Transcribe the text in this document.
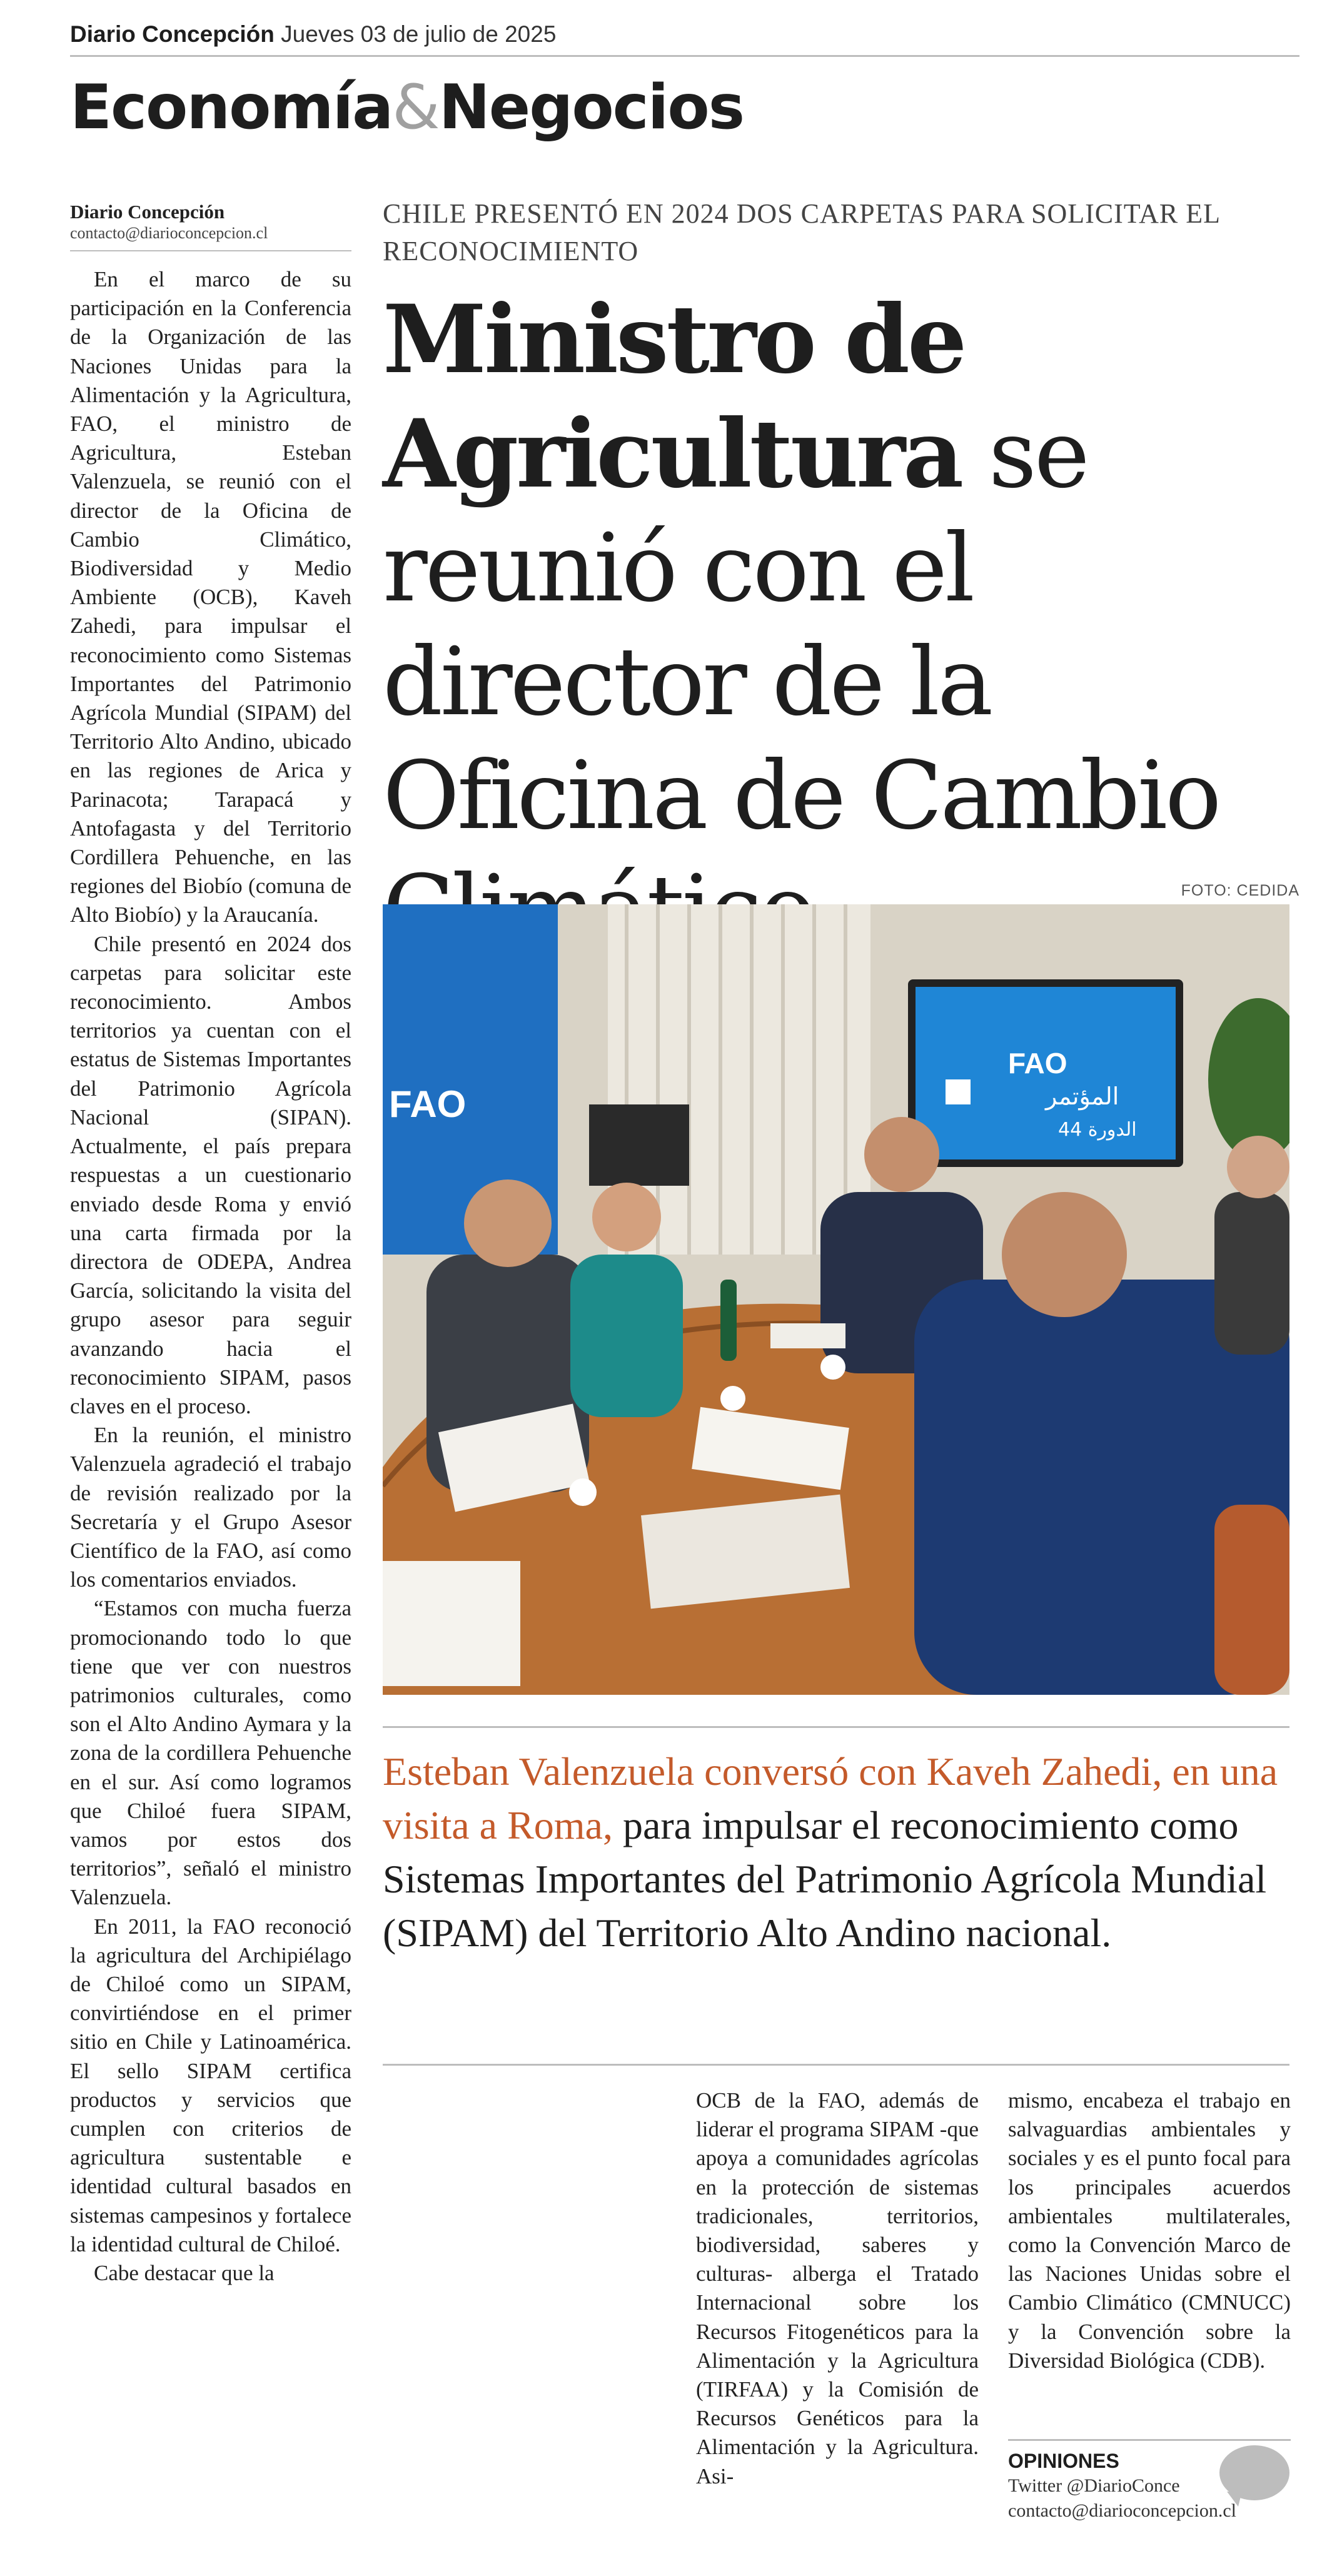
Diario Concepción Jueves 03 de julio de 2025
Economía&Negocios
Diario Concepción
contacto@diarioconcepcion.cl

En el marco de su participación en la Conferencia de la Organización de las Naciones Unidas para la Alimentación y la Agricultura, FAO, el ministro de Agricultura, Esteban Valenzuela, se reunió con el director de la Oficina de Cambio Climático, Biodiversidad y Medio Ambiente (OCB), Kaveh Zahedi, para impulsar el reconocimiento como Sistemas Importantes del Patrimonio Agrícola Mundial (SIPAM) del Territorio Alto Andino, ubicado en las regiones de Arica y Parinacota; Tarapacá y Antofagasta y del Territorio Cordillera Pehuenche, en las regiones del Biobío (comuna de Alto Biobío) y la Araucanía.

Chile presentó en 2024 dos carpetas para solicitar este reconocimiento. Ambos territorios ya cuentan con el estatus de Sistemas Importantes del Patrimonio Agrícola Nacional (SIPAN). Actualmente, el país prepara respuestas a un cuestionario enviado desde Roma y envió una carta firmada por la directora de ODEPA, Andrea García, solicitando la visita del grupo asesor para seguir avanzando hacia el reconocimiento SIPAM, pasos claves en el proceso.

En la reunión, el ministro Valenzuela agradeció el trabajo de revisión realizado por la Secretaría y el Grupo Asesor Científico de la FAO, así como los comentarios enviados.

“Estamos con mucha fuerza promocionando todo lo que tiene que ver con nuestros patrimonios culturales, como son el Alto Andino Aymara y la zona de la cordillera Pehuenche en el sur. Así como logramos que Chiloé fuera SIPAM, vamos por estos dos territorios”, señaló el ministro Valenzuela.

En 2011, la FAO reconoció la agricultura del Archipiélago de Chiloé como un SIPAM, convirtiéndose en el primer sitio en Chile y Latinoamérica. El sello SIPAM certifica productos y servicios que cumplen con criterios de agricultura sustentable e identidad cultural basados en sistemas campesinos y fortalece la identidad cultural de Chiloé.

Cabe destacar que la

CHILE PRESENTÓ EN 2024 DOS CARPETAS PARA SOLICITAR EL RECONOCIMIENTO
Ministro de Agricultura se reunió con el director de la Oficina de Cambio
FOTO: CEDIDA
FAO
FAO
المؤتمر
الدورة 44
Esteban Valenzuela conversó con Kaveh Zahedi, en una visita a Roma, para impulsar el reconocimiento como Sistemas Importantes del Patrimonio Agrícola Mundial (SIPAM) del Territorio Alto Andino nacional.
OCB de la FAO, además de liderar el programa SIPAM -que apoya a comunidades agrícolas en la protección de sistemas tradicionales, territorios, biodiversidad, saberes y culturas- alberga el Tratado Internacional sobre los Recursos Fitogenéticos para la Alimentación y la Agricultura (TIRFAA) y la Comisión de Recursos Genéticos para la Alimentación y la Agricultura. Asi-
mismo, encabeza el trabajo en salvaguardias ambientales y sociales y es el punto focal para los principales acuerdos ambientales multilaterales, como la Convención Marco de las Naciones Unidas sobre el Cambio Climático (CMNUCC) y la Convención sobre la Diversidad Biológica (CDB).
OPINIONES
Twitter @DiarioConce
contacto@diarioconcepcion.cl
